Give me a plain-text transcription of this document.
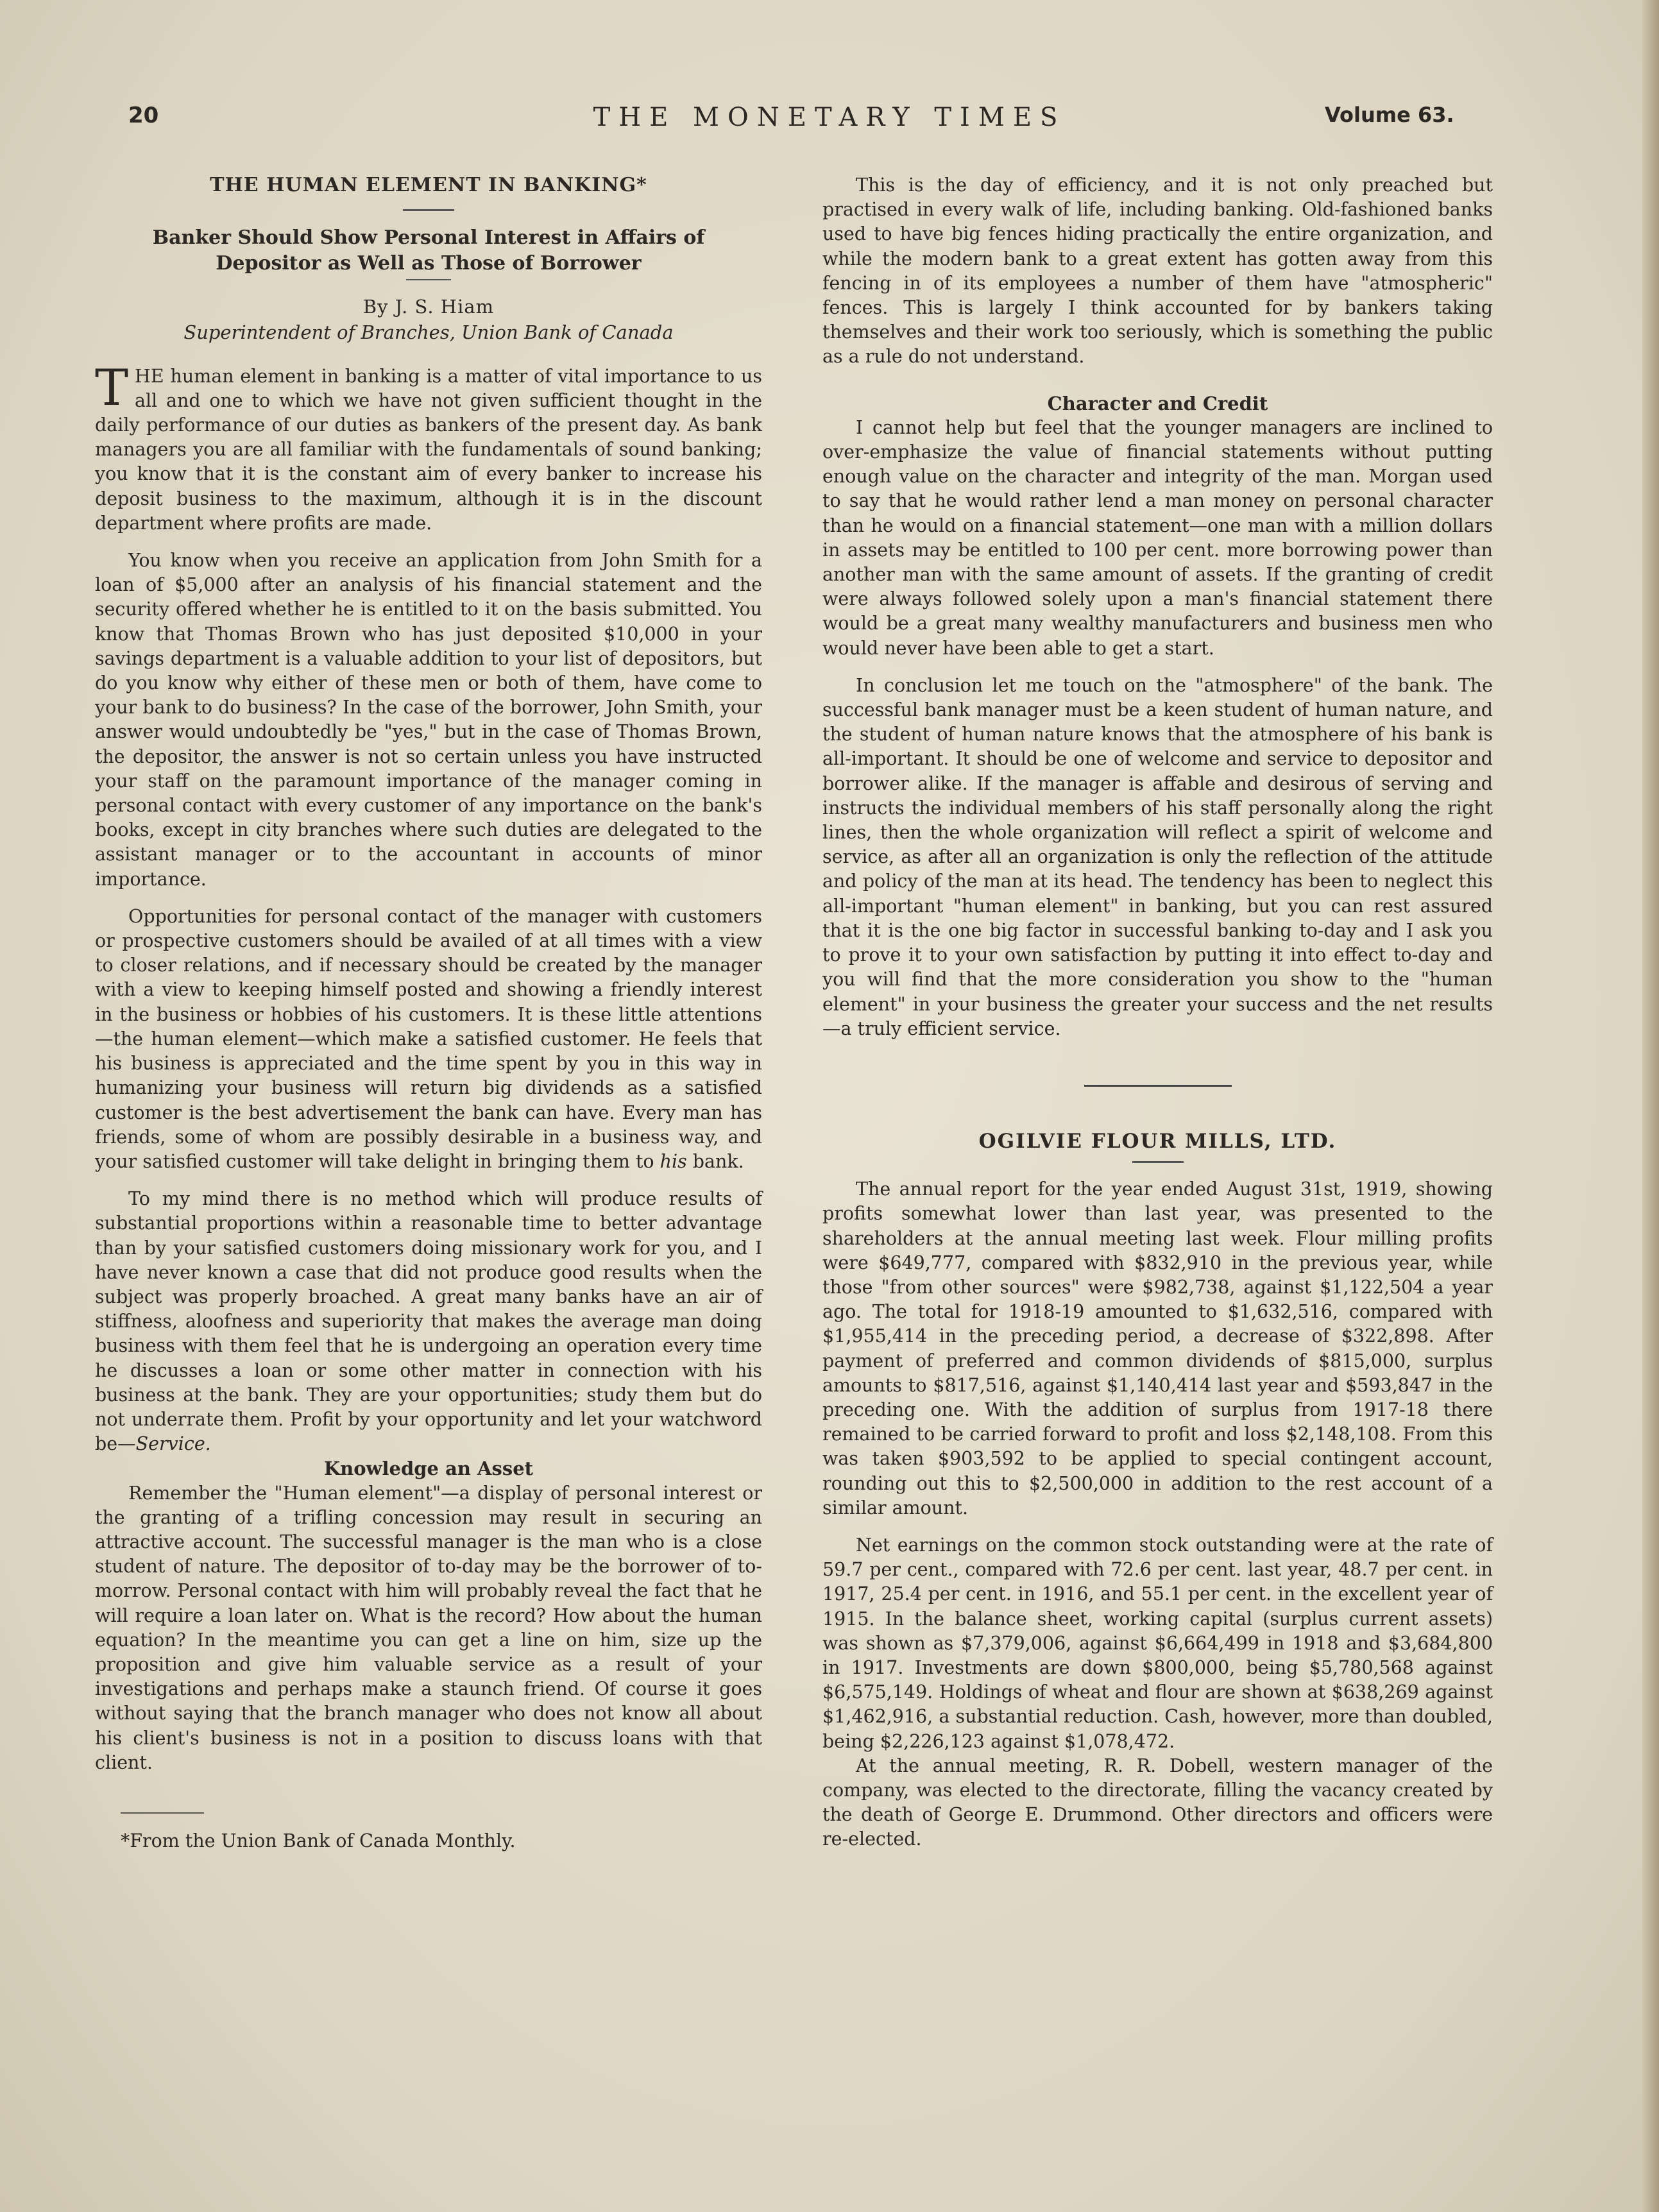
20	THE MONETARY TIMES	Volume 63.
THE HUMAN ELEMENT IN BANKING*
Banker Should Show Personal Interest in Affairs of Depositor as Well as Those of Borrower
By J. S. Hiam
Superintendent of Branches, Union Bank of Canada

THE human element in banking is a matter of vital importance to us all and one to which we have not given sufficient thought in the daily performance of our duties as bankers of the present day. As bank managers you are all familiar with the fundamentals of sound banking; you know that it is the constant aim of every banker to increase his deposit business to the maximum, although it is in the discount department where profits are made.

You know when you receive an application from John Smith for a loan of $5,000 after an analysis of his financial statement and the security offered whether he is entitled to it on the basis submitted. You know that Thomas Brown who has just deposited $10,000 in your savings department is a valuable addition to your list of depositors, but do you know why either of these men or both of them, have come to your bank to do business? In the case of the borrower, John Smith, your answer would undoubtedly be "yes," but in the case of Thomas Brown, the depositor, the answer is not so certain unless you have instructed your staff on the paramount importance of the manager coming in personal contact with every customer of any importance on the bank's books, except in city branches where such duties are delegated to the assistant manager or to the accountant in accounts of minor importance.

Opportunities for personal contact of the manager with customers or prospective customers should be availed of at all times with a view to closer relations, and if necessary should be created by the manager with a view to keeping himself posted and showing a friendly interest in the business or hobbies of his customers. It is these little attentions—the human element—which make a satisfied customer. He feels that his business is appreciated and the time spent by you in this way in humanizing your business will return big dividends as a satisfied customer is the best advertisement the bank can have. Every man has friends, some of whom are possibly desirable in a business way, and your satisfied customer will take delight in bringing them to his bank.

To my mind there is no method which will produce results of substantial proportions within a reasonable time to better advantage than by your satisfied customers doing missionary work for you, and I have never known a case that did not produce good results when the subject was properly broached. A great many banks have an air of stiffness, aloofness and superiority that makes the average man doing business with them feel that he is undergoing an operation every time he discusses a loan or some other matter in connection with his business at the bank. They are your opportunities; study them but do not underrate them. Profit by your opportunity and let your watchword be—Service.

Knowledge an Asset

Remember the "Human element"—a display of personal interest or the granting of a trifling concession may result in securing an attractive account. The successful manager is the man who is a close student of nature. The depositor of to-day may be the borrower of to-morrow. Personal contact with him will probably reveal the fact that he will require a loan later on. What is the record? How about the human equation? In the meantime you can get a line on him, size up the proposition and give him valuable service as a result of your investigations and perhaps make a staunch friend. Of course it goes without saying that the branch manager who does not know all about his client's business is not in a position to discuss loans with that client.

*From the Union Bank of Canada Monthly.

This is the day of efficiency, and it is not only preached but practised in every walk of life, including banking. Old-fashioned banks used to have big fences hiding practically the entire organization, and while the modern bank to a great extent has gotten away from this fencing in of its employees a number of them have "atmospheric" fences. This is largely I think accounted for by bankers taking themselves and their work too seriously, which is something the public as a rule do not understand.

Character and Credit

I cannot help but feel that the younger managers are inclined to over-emphasize the value of financial statements without putting enough value on the character and integrity of the man. Morgan used to say that he would rather lend a man money on personal character than he would on a financial statement—one man with a million dollars in assets may be entitled to 100 per cent. more borrowing power than another man with the same amount of assets. If the granting of credit were always followed solely upon a man's financial statement there would be a great many wealthy manufacturers and business men who would never have been able to get a start.

In conclusion let me touch on the "atmosphere" of the bank. The successful bank manager must be a keen student of human nature, and the student of human nature knows that the atmosphere of his bank is all-important. It should be one of welcome and service to depositor and borrower alike. If the manager is affable and desirous of serving and instructs the individual members of his staff personally along the right lines, then the whole organization will reflect a spirit of welcome and service, as after all an organization is only the reflection of the attitude and policy of the man at its head. The tendency has been to neglect this all-important "human element" in banking, but you can rest assured that it is the one big factor in successful banking to-day and I ask you to prove it to your own satisfaction by putting it into effect to-day and you will find that the more consideration you show to the "human element" in your business the greater your success and the net results—a truly efficient service.

OGILVIE FLOUR MILLS, LTD.

The annual report for the year ended August 31st, 1919, showing profits somewhat lower than last year, was presented to the shareholders at the annual meeting last week. Flour milling profits were $649,777, compared with $832,910 in the previous year, while those "from other sources" were $982,738, against $1,122,504 a year ago. The total for 1918-19 amounted to $1,632,516, compared with $1,955,414 in the preceding period, a decrease of $322,898. After payment of preferred and common dividends of $815,000, surplus amounts to $817,516, against $1,140,414 last year and $593,847 in the preceding one. With the addition of surplus from 1917-18 there remained to be carried forward to profit and loss $2,148,108. From this was taken $903,592 to be applied to special contingent account, rounding out this to $2,500,000 in addition to the rest account of a similar amount.

Net earnings on the common stock outstanding were at the rate of 59.7 per cent., compared with 72.6 per cent. last year, 48.7 per cent. in 1917, 25.4 per cent. in 1916, and 55.1 per cent. in the excellent year of 1915. In the balance sheet, working capital (surplus current assets) was shown as $7,379,006, against $6,664,499 in 1918 and $3,684,800 in 1917. Investments are down $800,000, being $5,780,568 against $6,575,149. Holdings of wheat and flour are shown at $638,269 against $1,462,916, a substantial reduction. Cash, however, more than doubled, being $2,226,123 against $1,078,472.

At the annual meeting, R. R. Dobell, western manager of the company, was elected to the directorate, filling the vacancy created by the death of George E. Drummond. Other directors and officers were re-elected.
